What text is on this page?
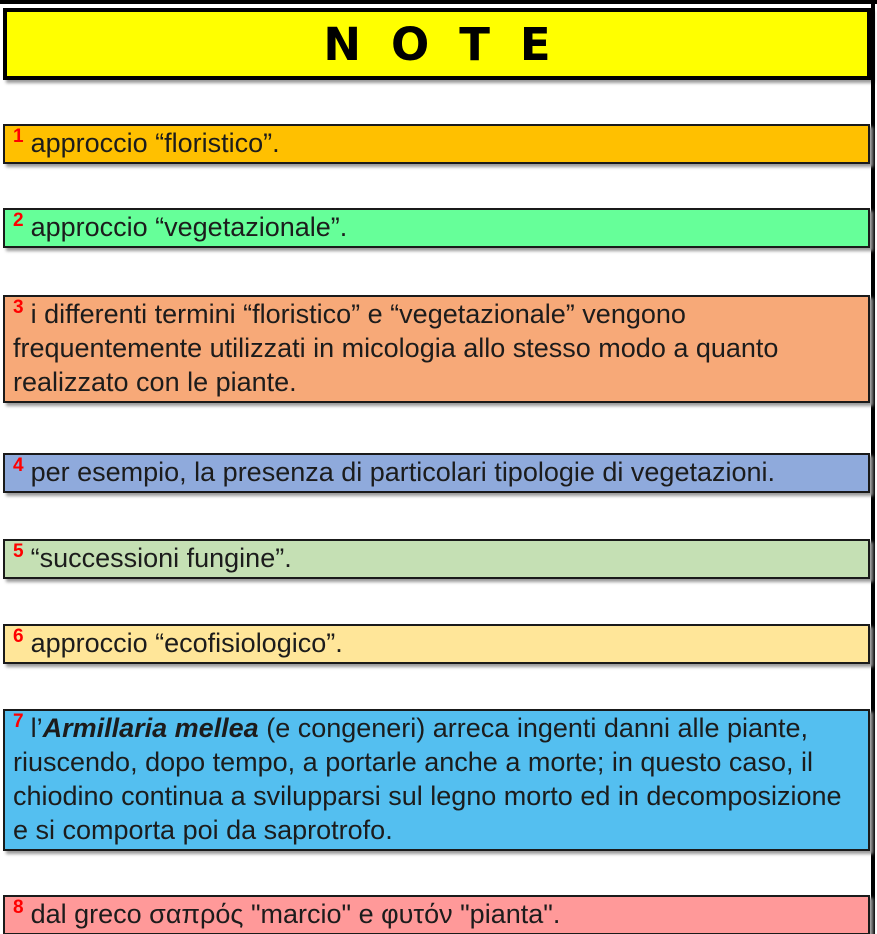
NOTE
$^1$ approccio “floristico”.
$^2$ approccio “vegetazionale”.
$^3$ i differenti termini “floristico” e “vegetazionale” vengono frequentemente utilizzati in micologia allo stesso modo a quanto realizzato con le piante.
$^4$ per esempio, la presenza di particolari tipologie di vegetazioni.
$^5$ “successioni fungine”.
$^6$ approccio “ecofisiologico”.
$^7$ l’Armillaria mellea (e congeneri) arreca ingenti danni alle piante, riuscendo, dopo tempo, a portarle anche a morte; in questo caso, il chiodino continua a svilupparsi sul legno morto ed in decomposizione e si comporta poi da saprotrofo.
$^8$ dal greco σαπρός "marcio" e φυτόν "pianta".
